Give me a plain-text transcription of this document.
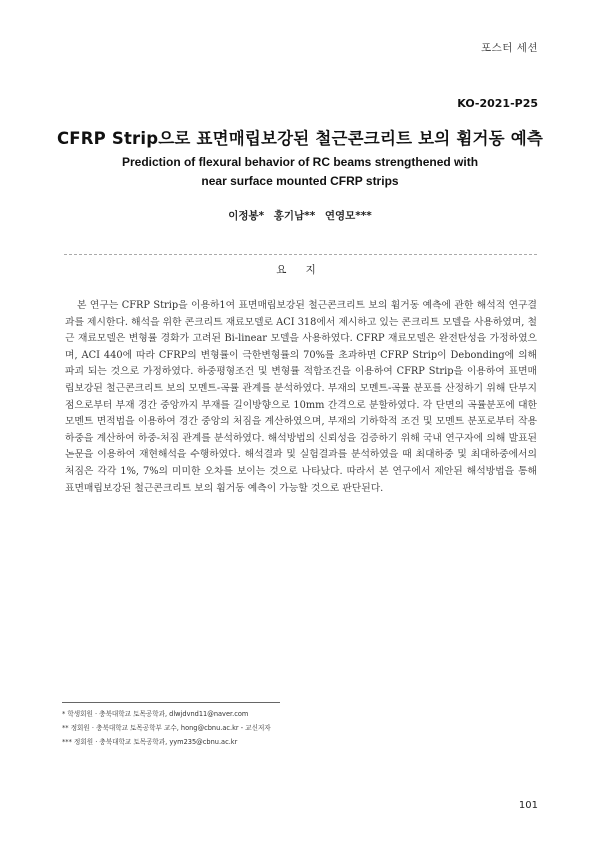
포스터 세션
KO-2021-P25
CFRP Strip으로 표면매립보강된 철근콘크리트 보의 휨거동 예측
Prediction of flexural behavior of RC beams strengthened with near surface mounted CFRP strips
이정봉* 홍기남** 연영모***
요 지

본 연구는 CFRP Strip을 이용하1여 표면매립보강된 철근콘크리트 보의 휨거동 예측에 관한 해석적 연구결과를 제시한다. 해석을 위한 콘크리트 재료모델로 ACI 318에서 제시하고 있는 콘크리트 모델을 사용하였며, 철근 재료모델은 변형률 경화가 고려된 Bi-linear 모델을 사용하였다. CFRP 재료모델은 완전탄성을 가정하였으며, ACI 440에 따라 CFRP의 변형률이 극한변형률의 70%를 초과하면 CFRP Strip이 Debonding에 의해 파괴 되는 것으로 가정하였다. 하중평형조건 및 변형률 적합조건을 이용하여 CFRP Strip을 이용하여 표면매립보강된 철근콘크리트 보의 모멘트-곡률 관계를 분석하였다. 부재의 모멘트-곡률 분포를 산정하기 위해 단부지점으로부터 부재 경간 중앙까지 부재를 길이방향으로 10mm 간격으로 분할하였다. 각 단면의 곡률분포에 대한 모멘트 면적법을 이용하여 경간 중앙의 처짐을 계산하였으며, 부재의 기하학적 조건 및 모멘트 분포로부터 작용하중을 계산하여 하중-처짐 관계를 분석하였다. 해석방법의 신뢰성을 검증하기 위해 국내 연구자에 의해 발표된 논문을 이용하여 재현해석을 수행하였다. 해석결과 및 실험결과를 분석하였을 때 최대하중 및 최대하중에서의 처짐은 각각 1%, 7%의 미미한 오차를 보이는 것으로 나타났다. 따라서 본 연구에서 제안된 해석방법을 통해 표면매립보강된 철근콘크리트 보의 휨거동 예측이 가능할 것으로 판단된다.

* 학생회원 · 충북대학교 토목공학과, dlwjdvnd11@naver.com
** 정회원 · 충북대학교 토목공학부 교수, hong@cbnu.ac.kr - 교신저자
*** 정회원 · 충북대학교 토목공학과, yym235@cbnu.ac.kr
101
